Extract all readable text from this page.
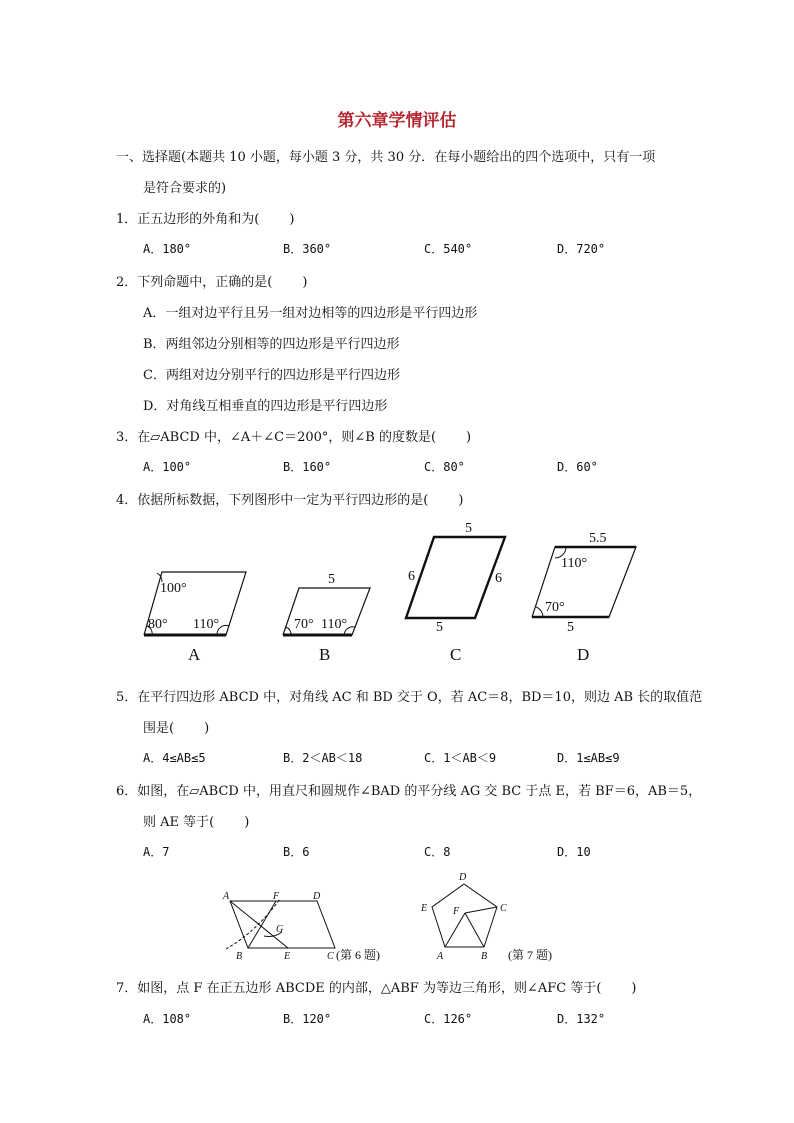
第六章学情评估
一、选择题(本题共 10 小题，每小题 3 分，共 30 分．在每小题给出的四个选项中，只有一项
是符合要求的)
1．正五边形的外角和为( )
A．180°	B．360°	C．540°	D．720°
2．下列命题中，正确的是( )
A．一组对边平行且另一组对边相等的四边形是平行四边形
B．两组邻边分别相等的四边形是平行四边形
C．两组对边分别平行的四边形是平行四边形
D．对角线互相垂直的四边形是平行四边形
3．在▱ABCD 中，∠A＋∠C＝200°，则∠B 的度数是( )
A．100°	B．160°	C．80°	D．60°
4．依据所标数据，下列图形中一定为平行四边形的是( )
100°
80° 110°
A
5
70° 110°
B
5
6	6
5
C
5.5
110°
70°
5
D
5．在平行四边形 ABCD 中，对角线 AC 和 BD 交于 O，若 AC＝8，BD＝10，则边 AB 长的取值范
围是( )
A．4≤AB≤5	B．2＜AB＜18	C．1＜AB＜9	D．1≤AB≤9
6．如图，在▱ABCD 中，用直尺和圆规作∠BAD 的平分线 AG 交 BC 于点 E，若 BF＝6，AB＝5，
则 AE 等于( )
A．7	B．6	C．8	D．10
A	F	D
G
B	E	C (第 6 题)
D
E	F	C
A	B (第 7 题)
7．如图，点 F 在正五边形 ABCDE 的内部，△ABF 为等边三角形，则∠AFC 等于( )
A．108°	B．120°	C．126°	D．132°
